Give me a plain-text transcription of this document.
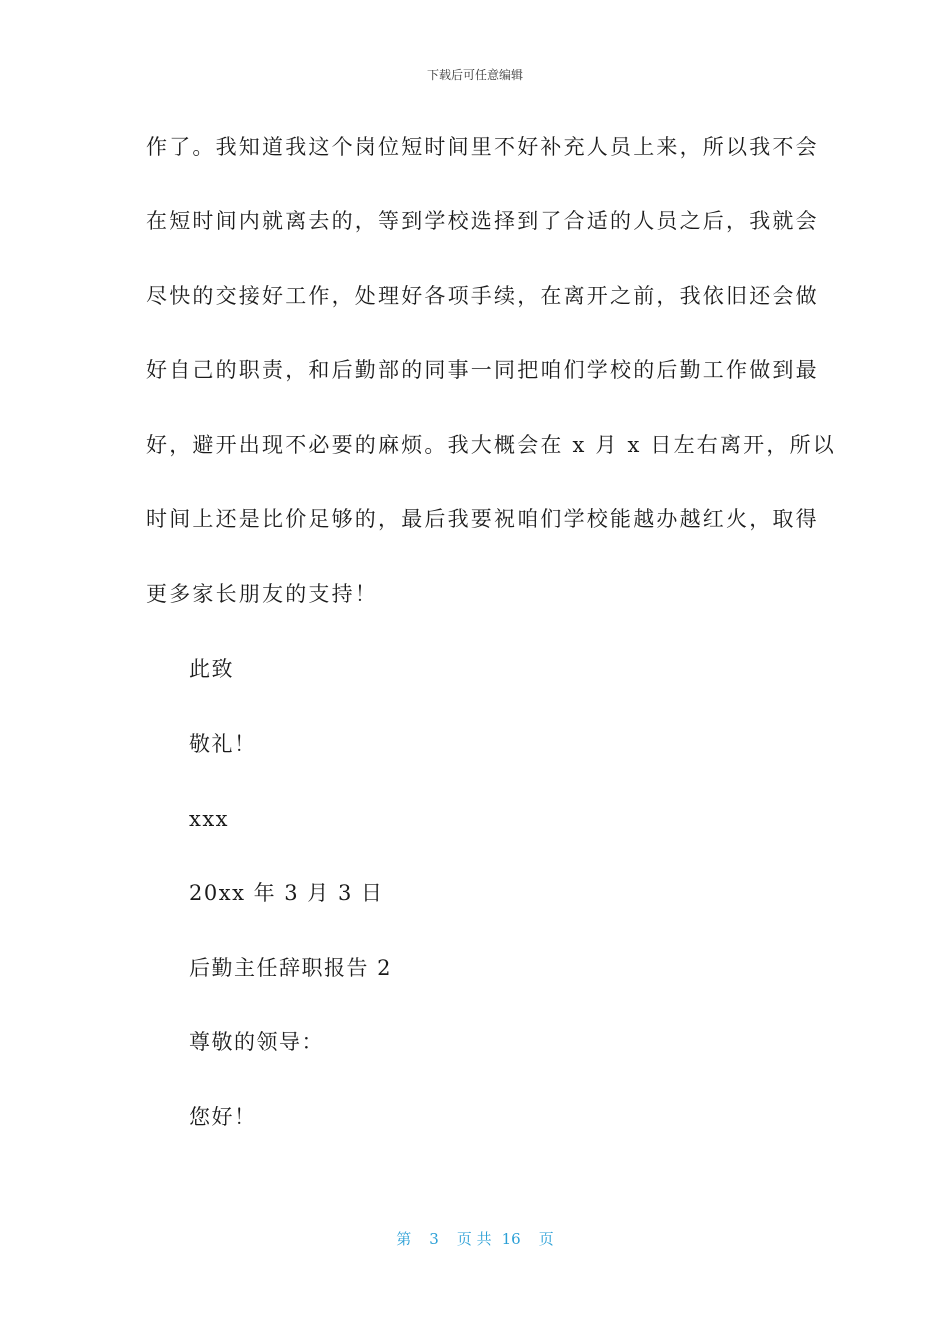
下载后可任意编辑
作了。我知道我这个岗位短时间里不好补充人员上来，所以我不会
在短时间内就离去的，等到学校选择到了合适的人员之后，我就会
尽快的交接好工作，处理好各项手续，在离开之前，我依旧还会做
好自己的职责，和后勤部的同事一同把咱们学校的后勤工作做到最
好，避开出现不必要的麻烦。我大概会在 x 月 x 日左右离开，所以
时间上还是比价足够的，最后我要祝咱们学校能越办越红火，取得
更多家长朋友的支持！
此致
敬礼！
xxx
20xx 年 3 月 3 日
后勤主任辞职报告 2
尊敬的领导：
您好！
第 3 页 共 16 页
